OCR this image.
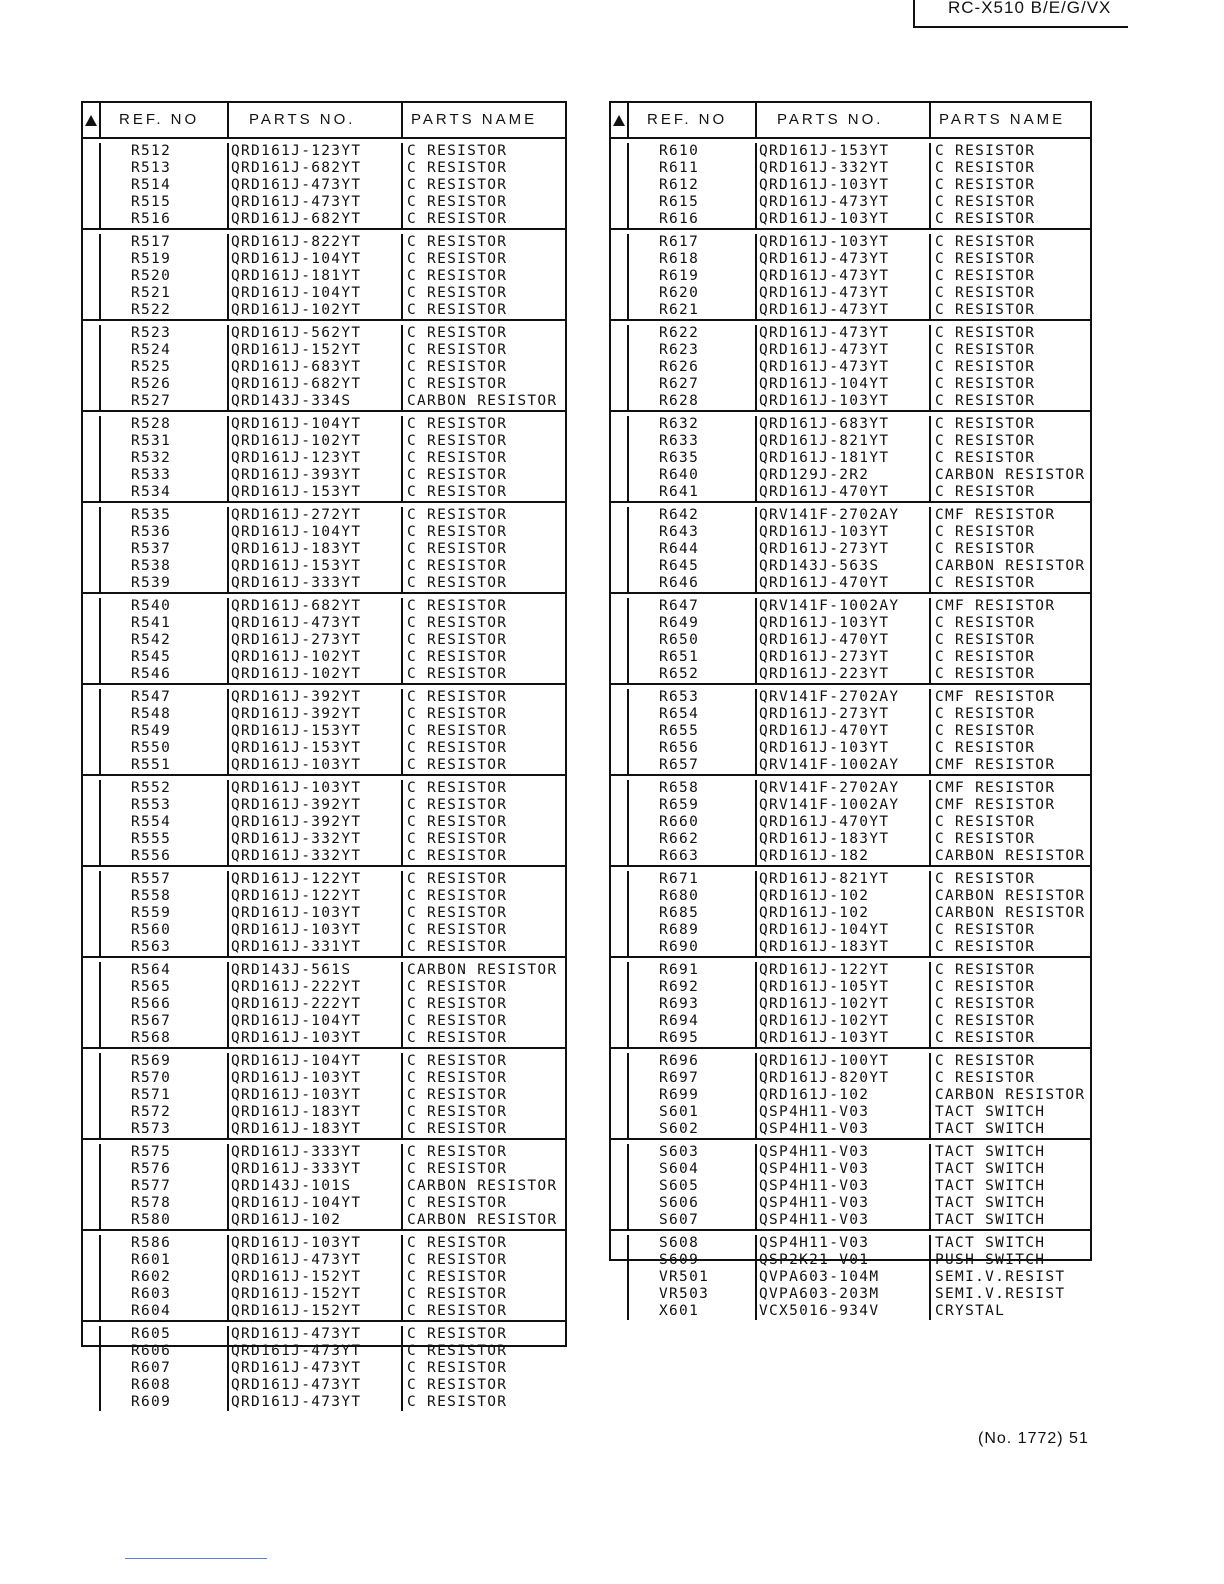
RC-X510 B/E/G/VX
REF. NO	PARTS NO.	PARTS NAME
R512	QRD161J-123YT	C RESISTOR
R513	QRD161J-682YT	C RESISTOR
R514	QRD161J-473YT	C RESISTOR
R515	QRD161J-473YT	C RESISTOR
R516	QRD161J-682YT	C RESISTOR
R517	QRD161J-822YT	C RESISTOR
R519	QRD161J-104YT	C RESISTOR
R520	QRD161J-181YT	C RESISTOR
R521	QRD161J-104YT	C RESISTOR
R522	QRD161J-102YT	C RESISTOR
R523	QRD161J-562YT	C RESISTOR
R524	QRD161J-152YT	C RESISTOR
R525	QRD161J-683YT	C RESISTOR
R526	QRD161J-682YT	C RESISTOR
R527	QRD143J-334S	CARBON RESISTOR
R528	QRD161J-104YT	C RESISTOR
R531	QRD161J-102YT	C RESISTOR
R532	QRD161J-123YT	C RESISTOR
R533	QRD161J-393YT	C RESISTOR
R534	QRD161J-153YT	C RESISTOR
R535	QRD161J-272YT	C RESISTOR
R536	QRD161J-104YT	C RESISTOR
R537	QRD161J-183YT	C RESISTOR
R538	QRD161J-153YT	C RESISTOR
R539	QRD161J-333YT	C RESISTOR
R540	QRD161J-682YT	C RESISTOR
R541	QRD161J-473YT	C RESISTOR
R542	QRD161J-273YT	C RESISTOR
R545	QRD161J-102YT	C RESISTOR
R546	QRD161J-102YT	C RESISTOR
R547	QRD161J-392YT	C RESISTOR
R548	QRD161J-392YT	C RESISTOR
R549	QRD161J-153YT	C RESISTOR
R550	QRD161J-153YT	C RESISTOR
R551	QRD161J-103YT	C RESISTOR
R552	QRD161J-103YT	C RESISTOR
R553	QRD161J-392YT	C RESISTOR
R554	QRD161J-392YT	C RESISTOR
R555	QRD161J-332YT	C RESISTOR
R556	QRD161J-332YT	C RESISTOR
R557	QRD161J-122YT	C RESISTOR
R558	QRD161J-122YT	C RESISTOR
R559	QRD161J-103YT	C RESISTOR
R560	QRD161J-103YT	C RESISTOR
R563	QRD161J-331YT	C RESISTOR
R564	QRD143J-561S	CARBON RESISTOR
R565	QRD161J-222YT	C RESISTOR
R566	QRD161J-222YT	C RESISTOR
R567	QRD161J-104YT	C RESISTOR
R568	QRD161J-103YT	C RESISTOR
R569	QRD161J-104YT	C RESISTOR
R570	QRD161J-103YT	C RESISTOR
R571	QRD161J-103YT	C RESISTOR
R572	QRD161J-183YT	C RESISTOR
R573	QRD161J-183YT	C RESISTOR
R575	QRD161J-333YT	C RESISTOR
R576	QRD161J-333YT	C RESISTOR
R577	QRD143J-101S	CARBON RESISTOR
R578	QRD161J-104YT	C RESISTOR
R580	QRD161J-102	CARBON RESISTOR
R586	QRD161J-103YT	C RESISTOR
R601	QRD161J-473YT	C RESISTOR
R602	QRD161J-152YT	C RESISTOR
R603	QRD161J-152YT	C RESISTOR
R604	QRD161J-152YT	C RESISTOR
R605	QRD161J-473YT	C RESISTOR
R606	QRD161J-473YT	C RESISTOR
R607	QRD161J-473YT	C RESISTOR
R608	QRD161J-473YT	C RESISTOR
R609	QRD161J-473YT	C RESISTOR
REF. NO	PARTS NO.	PARTS NAME
R610	QRD161J-153YT	C RESISTOR
R611	QRD161J-332YT	C RESISTOR
R612	QRD161J-103YT	C RESISTOR
R615	QRD161J-473YT	C RESISTOR
R616	QRD161J-103YT	C RESISTOR
R617	QRD161J-103YT	C RESISTOR
R618	QRD161J-473YT	C RESISTOR
R619	QRD161J-473YT	C RESISTOR
R620	QRD161J-473YT	C RESISTOR
R621	QRD161J-473YT	C RESISTOR
R622	QRD161J-473YT	C RESISTOR
R623	QRD161J-473YT	C RESISTOR
R626	QRD161J-473YT	C RESISTOR
R627	QRD161J-104YT	C RESISTOR
R628	QRD161J-103YT	C RESISTOR
R632	QRD161J-683YT	C RESISTOR
R633	QRD161J-821YT	C RESISTOR
R635	QRD161J-181YT	C RESISTOR
R640	QRD129J-2R2	CARBON RESISTOR
R641	QRD161J-470YT	C RESISTOR
R642	QRV141F-2702AY	CMF RESISTOR
R643	QRD161J-103YT	C RESISTOR
R644	QRD161J-273YT	C RESISTOR
R645	QRD143J-563S	CARBON RESISTOR
R646	QRD161J-470YT	C RESISTOR
R647	QRV141F-1002AY	CMF RESISTOR
R649	QRD161J-103YT	C RESISTOR
R650	QRD161J-470YT	C RESISTOR
R651	QRD161J-273YT	C RESISTOR
R652	QRD161J-223YT	C RESISTOR
R653	QRV141F-2702AY	CMF RESISTOR
R654	QRD161J-273YT	C RESISTOR
R655	QRD161J-470YT	C RESISTOR
R656	QRD161J-103YT	C RESISTOR
R657	QRV141F-1002AY	CMF RESISTOR
R658	QRV141F-2702AY	CMF RESISTOR
R659	QRV141F-1002AY	CMF RESISTOR
R660	QRD161J-470YT	C RESISTOR
R662	QRD161J-183YT	C RESISTOR
R663	QRD161J-182	CARBON RESISTOR
R671	QRD161J-821YT	C RESISTOR
R680	QRD161J-102	CARBON RESISTOR
R685	QRD161J-102	CARBON RESISTOR
R689	QRD161J-104YT	C RESISTOR
R690	QRD161J-183YT	C RESISTOR
R691	QRD161J-122YT	C RESISTOR
R692	QRD161J-105YT	C RESISTOR
R693	QRD161J-102YT	C RESISTOR
R694	QRD161J-102YT	C RESISTOR
R695	QRD161J-103YT	C RESISTOR
R696	QRD161J-100YT	C RESISTOR
R697	QRD161J-820YT	C RESISTOR
R699	QRD161J-102	CARBON RESISTOR
S601	QSP4H11-V03	TACT SWITCH
S602	QSP4H11-V03	TACT SWITCH
S603	QSP4H11-V03	TACT SWITCH
S604	QSP4H11-V03	TACT SWITCH
S605	QSP4H11-V03	TACT SWITCH
S606	QSP4H11-V03	TACT SWITCH
S607	QSP4H11-V03	TACT SWITCH
S608	QSP4H11-V03	TACT SWITCH
S609	QSP2K21-V01	PUSH SWITCH
VR501	QVPA603-104M	SEMI.V.RESIST
VR503	QVPA603-203M	SEMI.V.RESIST
X601	VCX5016-934V	CRYSTAL
(No. 1772) 51
